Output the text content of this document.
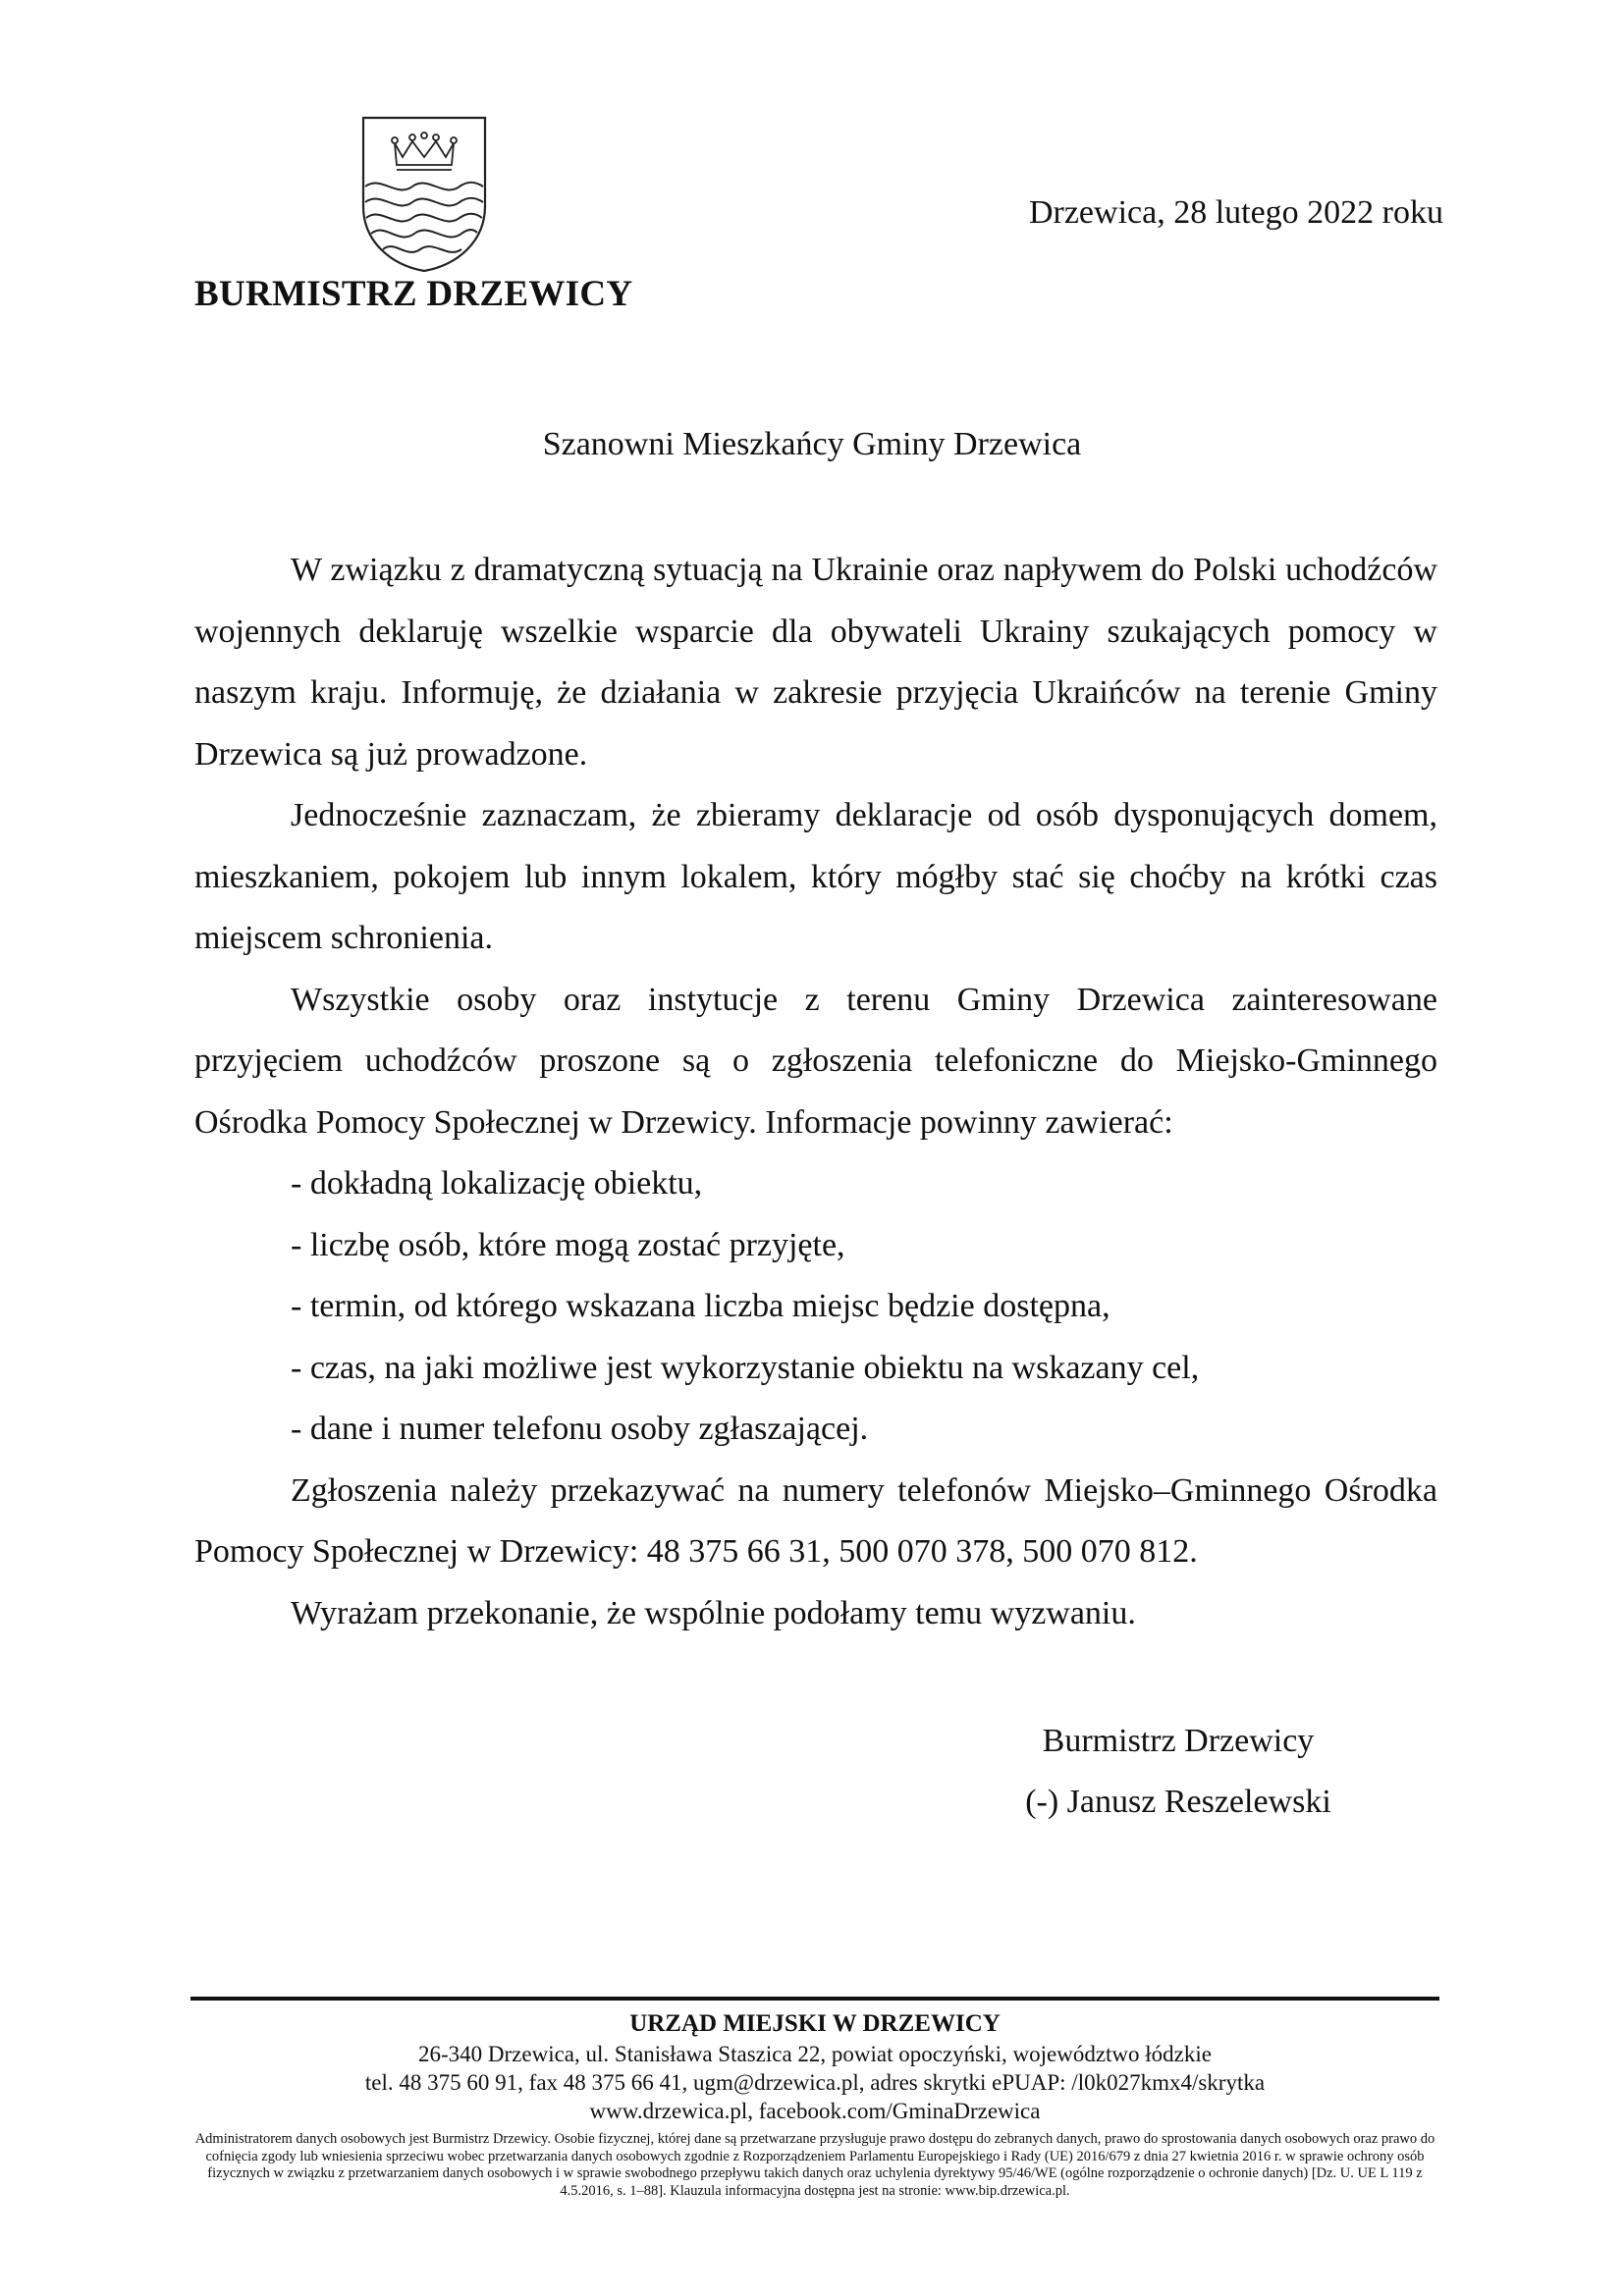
Drzewica, 28 lutego 2022 roku
BURMISTRZ DRZEWICY
Szanowni Mieszkańcy Gminy Drzewica

W związku z dramatyczną sytuacją na Ukrainie oraz napływem do Polski uchodźców wojennych deklaruję wszelkie wsparcie dla obywateli Ukrainy szukających pomocy w naszym kraju. Informuję, że działania w zakresie przyjęcia Ukraińców na terenie Gminy Drzewica są już prowadzone.

Jednocześnie zaznaczam, że zbieramy deklaracje od osób dysponujących domem, mieszkaniem, pokojem lub innym lokalem, który mógłby stać się choćby na krótki czas miejscem schronienia.

Wszystkie osoby oraz instytucje z terenu Gminy Drzewica zainteresowane przyjęciem uchodźców proszone są o zgłoszenia telefoniczne do Miejsko-Gminnego Ośrodka Pomocy Społecznej w Drzewicy. Informacje powinny zawierać:

- dokładną lokalizację obiektu,
- liczbę osób, które mogą zostać przyjęte,
- termin, od którego wskazana liczba miejsc będzie dostępna,
- czas, na jaki możliwe jest wykorzystanie obiektu na wskazany cel,
- dane i numer telefonu osoby zgłaszającej.

Zgłoszenia należy przekazywać na numery telefonów Miejsko–Gminnego Ośrodka Pomocy Społecznej w Drzewicy: 48 375 66 31, 500 070 378, 500 070 812.

Wyrażam przekonanie, że wspólnie podołamy temu wyzwaniu.

Burmistrz Drzewicy
(-) Janusz Reszelewski
URZĄD MIEJSKI W DRZEWICY
26-340 Drzewica, ul. Stanisława Staszica 22, powiat opoczyński, województwo łódzkie
tel. 48 375 60 91, fax 48 375 66 41, ugm@drzewica.pl, adres skrytki ePUAP: /l0k027kmx4/skrytka
www.drzewica.pl, facebook.com/GminaDrzewica
Administratorem danych osobowych jest Burmistrz Drzewicy. Osobie fizycznej, której dane są przetwarzane przysługuje prawo dostępu do zebranych danych, prawo do sprostowania danych osobowych oraz prawo do cofnięcia zgody lub wniesienia sprzeciwu wobec przetwarzania danych osobowych zgodnie z Rozporządzeniem Parlamentu Europejskiego i Rady (UE) 2016/679 z dnia 27 kwietnia 2016 r. w sprawie ochrony osób fizycznych w związku z przetwarzaniem danych osobowych i w sprawie swobodnego przepływu takich danych oraz uchylenia dyrektywy 95/46/WE (ogólne rozporządzenie o ochronie danych) [Dz. U. UE L 119 z 4.5.2016, s. 1–88]. Klauzula informacyjna dostępna jest na stronie: www.bip.drzewica.pl.
